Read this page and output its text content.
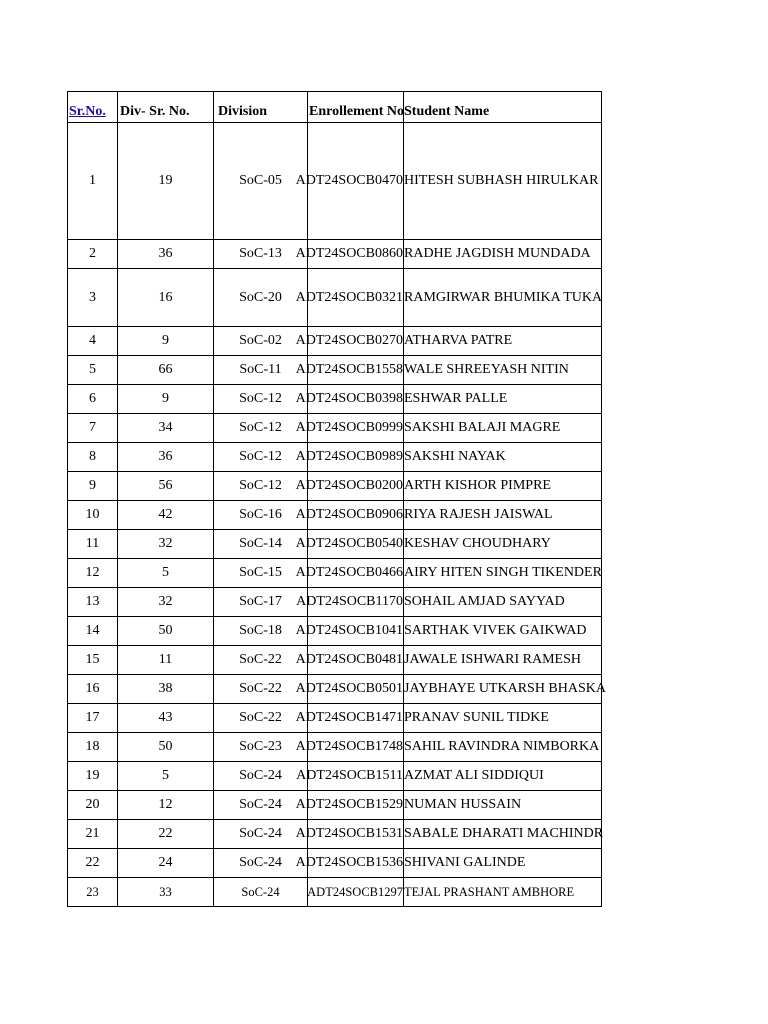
Sr.No.	Div- Sr. No.	Division	Enrollement No	Student Name

1	19	SoC-05	ADT24SOCB0470	HITESH SUBHASH HIRULKAR
2	36	SoC-13	ADT24SOCB0860	RADHE JAGDISH MUNDADA
3	16	SoC-20	ADT24SOCB0321	RAMGIRWAR BHUMIKA TUKA
4	9	SoC-02	ADT24SOCB0270	ATHARVA PATRE
5	66	SoC-11	ADT24SOCB1558	WALE SHREEYASH NITIN
6	9	SoC-12	ADT24SOCB0398	ESHWAR PALLE
7	34	SoC-12	ADT24SOCB0999	SAKSHI BALAJI MAGRE
8	36	SoC-12	ADT24SOCB0989	SAKSHI NAYAK
9	56	SoC-12	ADT24SOCB0200	ARTH KISHOR PIMPRE
10	42	SoC-16	ADT24SOCB0906	RIYA RAJESH JAISWAL
11	32	SoC-14	ADT24SOCB0540	KESHAV CHOUDHARY
12	5	SoC-15	ADT24SOCB0466	AIRY HITEN SINGH TIKENDER
13	32	SoC-17	ADT24SOCB1170	SOHAIL AMJAD SAYYAD
14	50	SoC-18	ADT24SOCB1041	SARTHAK VIVEK GAIKWAD
15	11	SoC-22	ADT24SOCB0481	JAWALE ISHWARI RAMESH
16	38	SoC-22	ADT24SOCB0501	JAYBHAYE UTKARSH BHASKA
17	43	SoC-22	ADT24SOCB1471	PRANAV SUNIL TIDKE
18	50	SoC-23	ADT24SOCB1748	SAHIL RAVINDRA NIMBORKA
19	5	SoC-24	ADT24SOCB1511	AZMAT ALI SIDDIQUI
20	12	SoC-24	ADT24SOCB1529	NUMAN HUSSAIN
21	22	SoC-24	ADT24SOCB1531	SABALE DHARATI MACHINDR
22	24	SoC-24	ADT24SOCB1536	SHIVANI GALINDE
23	33	SoC-24	ADT24SOCB1297	TEJAL PRASHANT AMBHORE
